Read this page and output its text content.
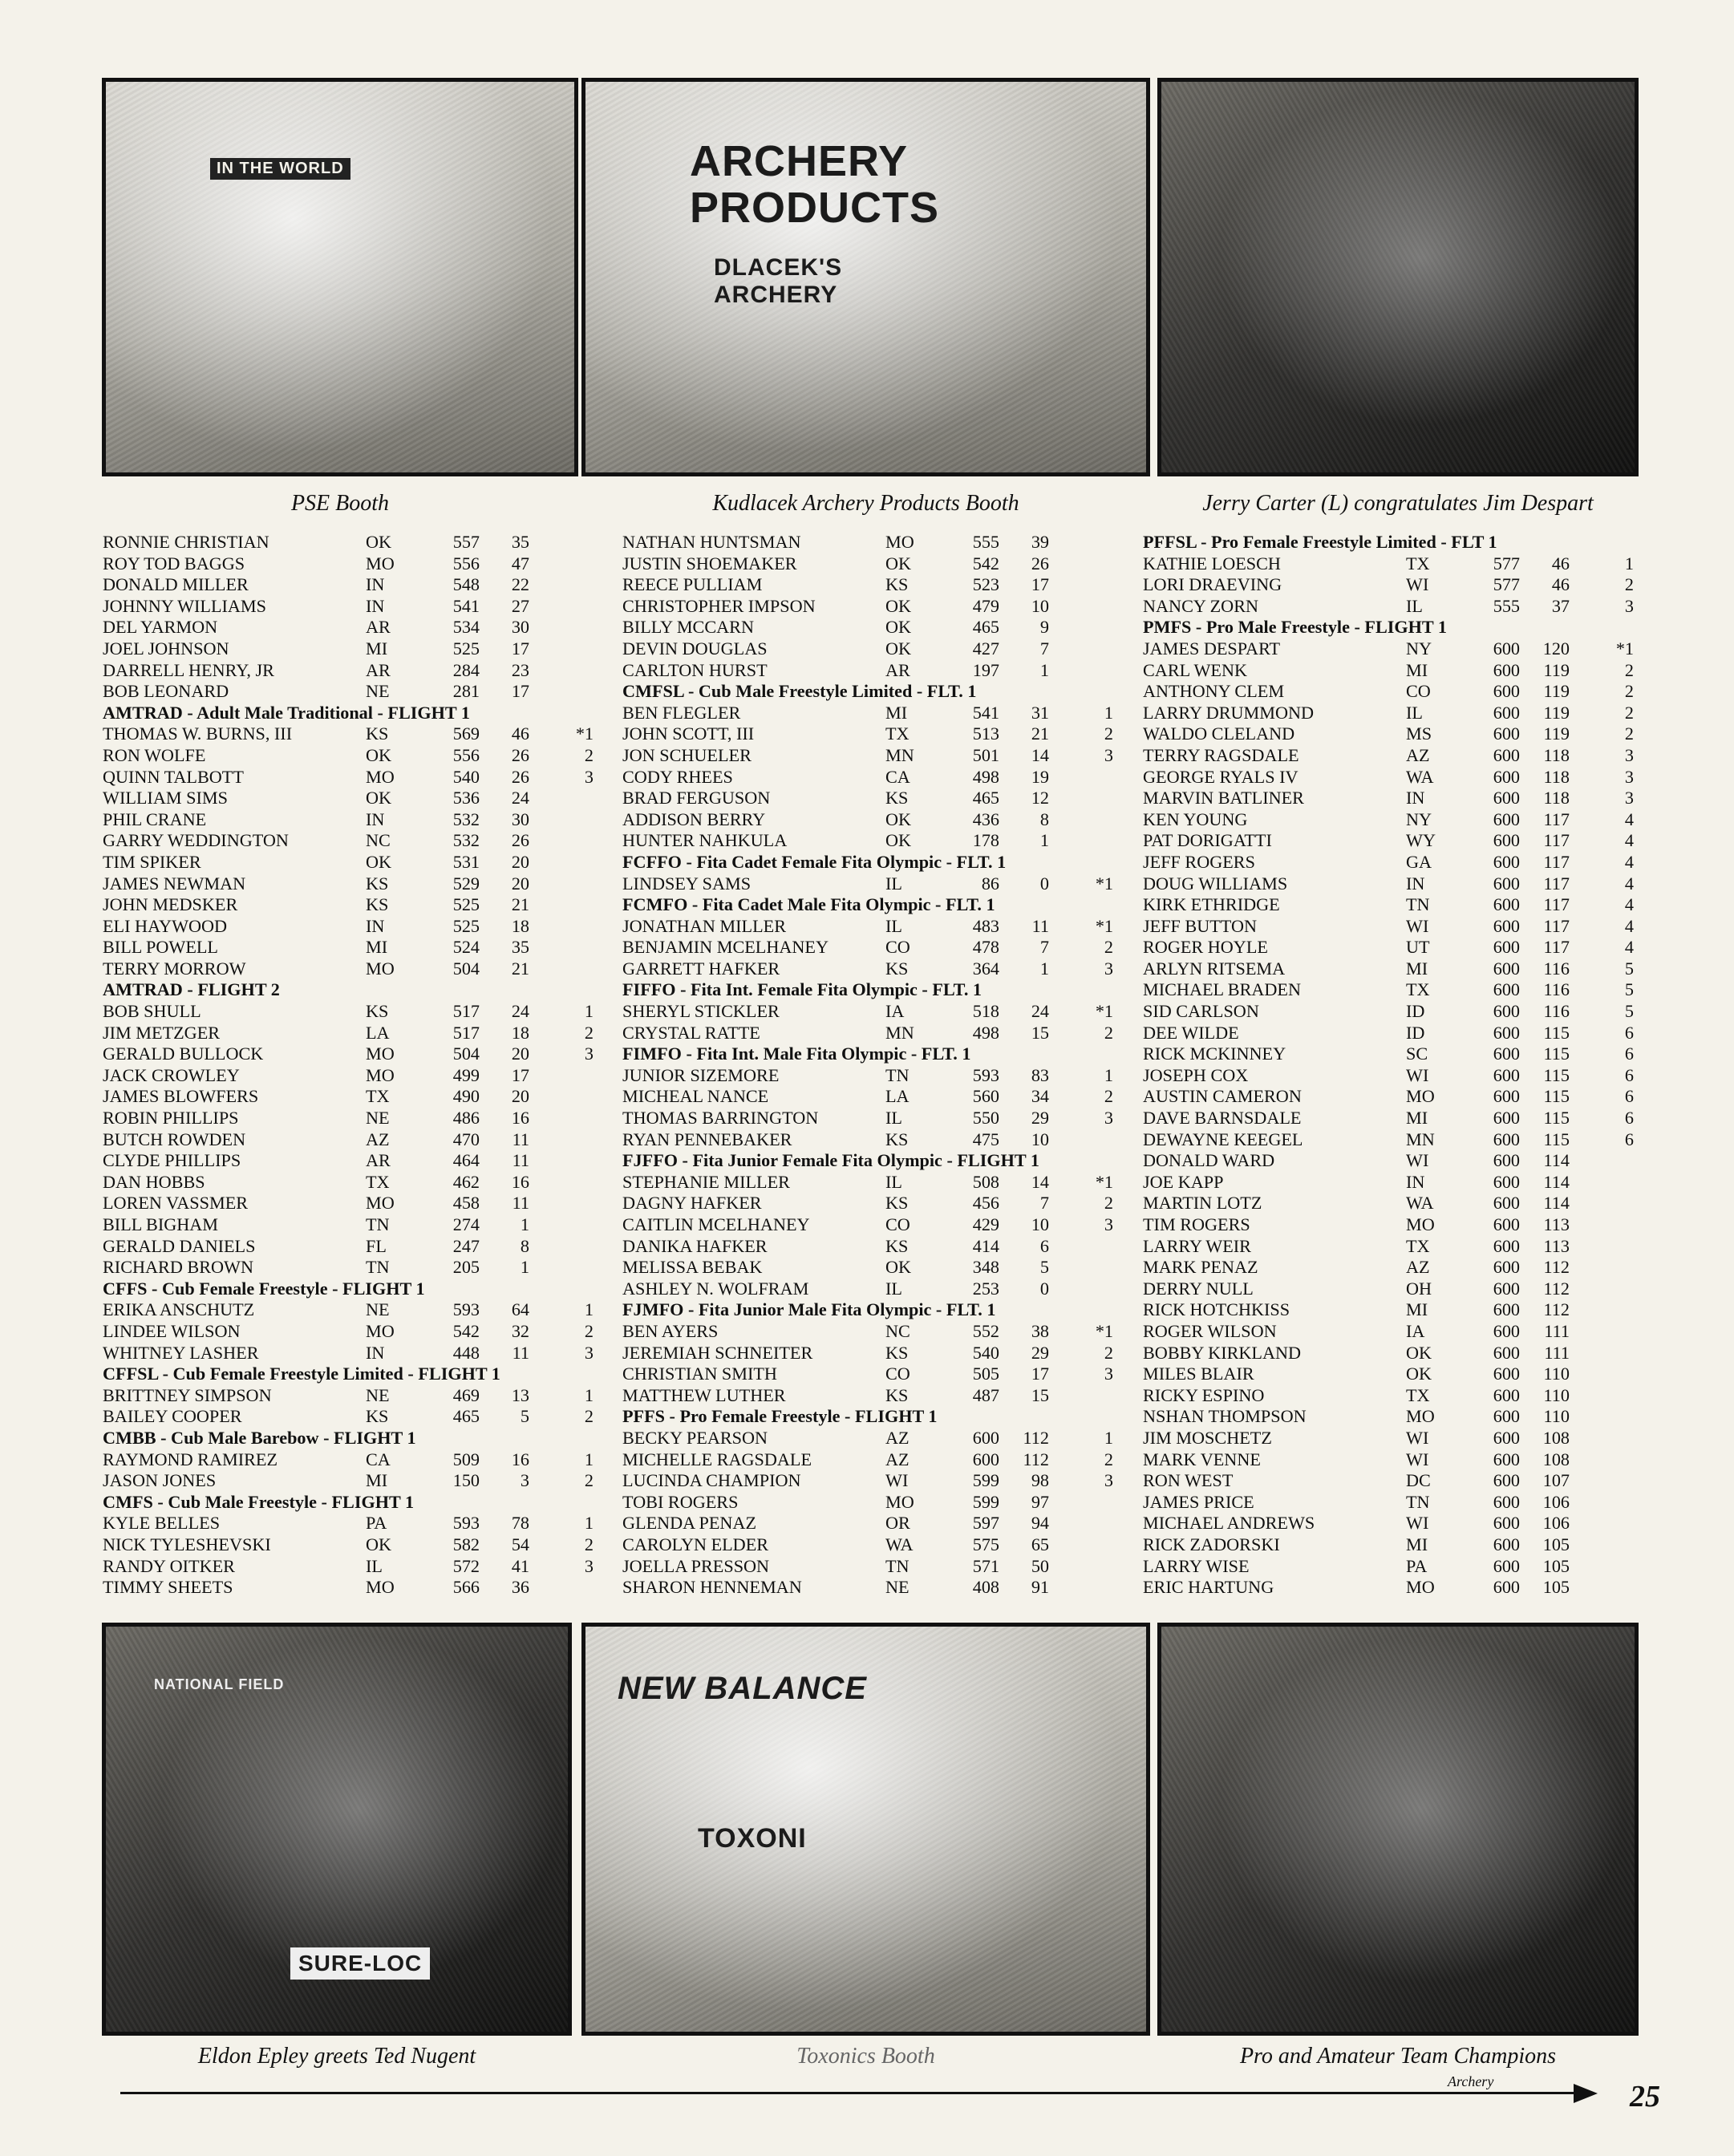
IN THE WORLD	ARCHERY PRODUCTS
DLACEK'S ARCHERY
PSE Booth	Kudlacek Archery Products Booth	Jerry Carter (L) congratulates Jim Despart
RONNIE CHRISTIAN	OK	557	35
ROY TOD BAGGS	MO	556	47
DONALD MILLER	IN	548	22
JOHNNY WILLIAMS	IN	541	27
DEL YARMON	AR	534	30
JOEL JOHNSON	MI	525	17
DARRELL HENRY, JR	AR	284	23
BOB LEONARD	NE	281	17
AMTRAD - Adult Male Traditional - FLIGHT 1
THOMAS W. BURNS, III	KS	569	46	*1
RON WOLFE	OK	556	26	2
QUINN TALBOTT	MO	540	26	3
WILLIAM SIMS	OK	536	24
PHIL CRANE	IN	532	30
GARRY WEDDINGTON	NC	532	26
TIM SPIKER	OK	531	20
JAMES NEWMAN	KS	529	20
JOHN MEDSKER	KS	525	21
ELI HAYWOOD	IN	525	18
BILL POWELL	MI	524	35
TERRY MORROW	MO	504	21
AMTRAD - FLIGHT 2
BOB SHULL	KS	517	24	1
JIM METZGER	LA	517	18	2
GERALD BULLOCK	MO	504	20	3
JACK CROWLEY	MO	499	17
JAMES BLOWFERS	TX	490	20
ROBIN PHILLIPS	NE	486	16
BUTCH ROWDEN	AZ	470	11
CLYDE PHILLIPS	AR	464	11
DAN HOBBS	TX	462	16
LOREN VASSMER	MO	458	11
BILL BIGHAM	TN	274	1
GERALD DANIELS	FL	247	8
RICHARD BROWN	TN	205	1
CFFS - Cub Female Freestyle - FLIGHT 1
ERIKA ANSCHUTZ	NE	593	64	1
LINDEE WILSON	MO	542	32	2
WHITNEY LASHER	IN	448	11	3
CFFSL - Cub Female Freestyle Limited - FLIGHT 1
BRITTNEY SIMPSON	NE	469	13	1
BAILEY COOPER	KS	465	5	2
CMBB - Cub Male Barebow - FLIGHT 1
RAYMOND RAMIREZ	CA	509	16	1
JASON JONES	MI	150	3	2
CMFS - Cub Male Freestyle - FLIGHT 1
KYLE BELLES	PA	593	78	1
NICK TYLESHEVSKI	OK	582	54	2
RANDY OITKER	IL	572	41	3
TIMMY SHEETS	MO	566	36
NATHAN HUNTSMAN	MO	555	39
JUSTIN SHOEMAKER	OK	542	26
REECE PULLIAM	KS	523	17
CHRISTOPHER IMPSON	OK	479	10
BILLY MCCARN	OK	465	9
DEVIN DOUGLAS	OK	427	7
CARLTON HURST	AR	197	1
CMFSL - Cub Male Freestyle Limited - FLT. 1
BEN FLEGLER	MI	541	31	1
JOHN SCOTT, III	TX	513	21	2
JON SCHUELER	MN	501	14	3
CODY RHEES	CA	498	19
BRAD FERGUSON	KS	465	12
ADDISON BERRY	OK	436	8
HUNTER NAHKULA	OK	178	1
FCFFO - Fita Cadet Female Fita Olympic - FLT. 1
LINDSEY SAMS	IL	86	0	*1
FCMFO - Fita Cadet Male Fita Olympic - FLT. 1
JONATHAN MILLER	IL	483	11	*1
BENJAMIN MCELHANEY	CO	478	7	2
GARRETT HAFKER	KS	364	1	3
FIFFO - Fita Int. Female Fita Olympic - FLT. 1
SHERYL STICKLER	IA	518	24	*1
CRYSTAL RATTE	MN	498	15	2
FIMFO - Fita Int. Male Fita Olympic - FLT. 1
JUNIOR SIZEMORE	TN	593	83	1
MICHEAL NANCE	LA	560	34	2
THOMAS BARRINGTON	IL	550	29	3
RYAN PENNEBAKER	KS	475	10
FJFFO - Fita Junior Female Fita Olympic - FLIGHT 1
STEPHANIE MILLER	IL	508	14	*1
DAGNY HAFKER	KS	456	7	2
CAITLIN MCELHANEY	CO	429	10	3
DANIKA HAFKER	KS	414	6
MELISSA BEBAK	OK	348	5
ASHLEY N. WOLFRAM	IL	253	0
FJMFO - Fita Junior Male Fita Olympic - FLT. 1
BEN AYERS	NC	552	38	*1
JEREMIAH SCHNEITER	KS	540	29	2
CHRISTIAN SMITH	CO	505	17	3
MATTHEW LUTHER	KS	487	15
PFFS - Pro Female Freestyle - FLIGHT 1
BECKY PEARSON	AZ	600	112	1
MICHELLE RAGSDALE	AZ	600	112	2
LUCINDA CHAMPION	WI	599	98	3
TOBI ROGERS	MO	599	97
GLENDA PENAZ	OR	597	94
CAROLYN ELDER	WA	575	65
JOELLA PRESSON	TN	571	50
SHARON HENNEMAN	NE	408	91
PFFSL - Pro Female Freestyle Limited - FLT 1
KATHIE LOESCH	TX	577	46	1
LORI DRAEVING	WI	577	46	2
NANCY ZORN	IL	555	37	3
PMFS - Pro Male Freestyle - FLIGHT 1
JAMES DESPART	NY	600	120	*1
CARL WENK	MI	600	119	2
ANTHONY CLEM	CO	600	119	2
LARRY DRUMMOND	IL	600	119	2
WALDO CLELAND	MS	600	119	2
TERRY RAGSDALE	AZ	600	118	3
GEORGE RYALS IV	WA	600	118	3
MARVIN BATLINER	IN	600	118	3
KEN YOUNG	NY	600	117	4
PAT DORIGATTI	WY	600	117	4
JEFF ROGERS	GA	600	117	4
DOUG WILLIAMS	IN	600	117	4
KIRK ETHRIDGE	TN	600	117	4
JEFF BUTTON	WI	600	117	4
ROGER HOYLE	UT	600	117	4
ARLYN RITSEMA	MI	600	116	5
MICHAEL BRADEN	TX	600	116	5
SID CARLSON	ID	600	116	5
DEE WILDE	ID	600	115	6
RICK MCKINNEY	SC	600	115	6
JOSEPH COX	WI	600	115	6
AUSTIN CAMERON	MO	600	115	6
DAVE BARNSDALE	MI	600	115	6
DEWAYNE KEEGEL	MN	600	115	6
DONALD WARD	WI	600	114
JOE KAPP	IN	600	114
MARTIN LOTZ	WA	600	114
TIM ROGERS	MO	600	113
LARRY WEIR	TX	600	113
MARK PENAZ	AZ	600	112
DERRY NULL	OH	600	112
RICK HOTCHKISS	MI	600	112
ROGER WILSON	IA	600	111
BOBBY KIRKLAND	OK	600	111
MILES BLAIR	OK	600	110
RICKY ESPINO	TX	600	110
NSHAN THOMPSON	MO	600	110
JIM MOSCHETZ	WI	600	108
MARK VENNE	WI	600	108
RON WEST	DC	600	107
JAMES PRICE	TN	600	106
MICHAEL ANDREWS	WI	600	106
RICK ZADORSKI	MI	600	105
LARRY WISE	PA	600	105
ERIC HARTUNG	MO	600	105
NATIONAL FIELD
SURE-LOC
NEW BALANCE
TOXONI
Eldon Epley greets Ted Nugent	Toxonics Booth	Pro and Amateur Team Champions
Archery	25
